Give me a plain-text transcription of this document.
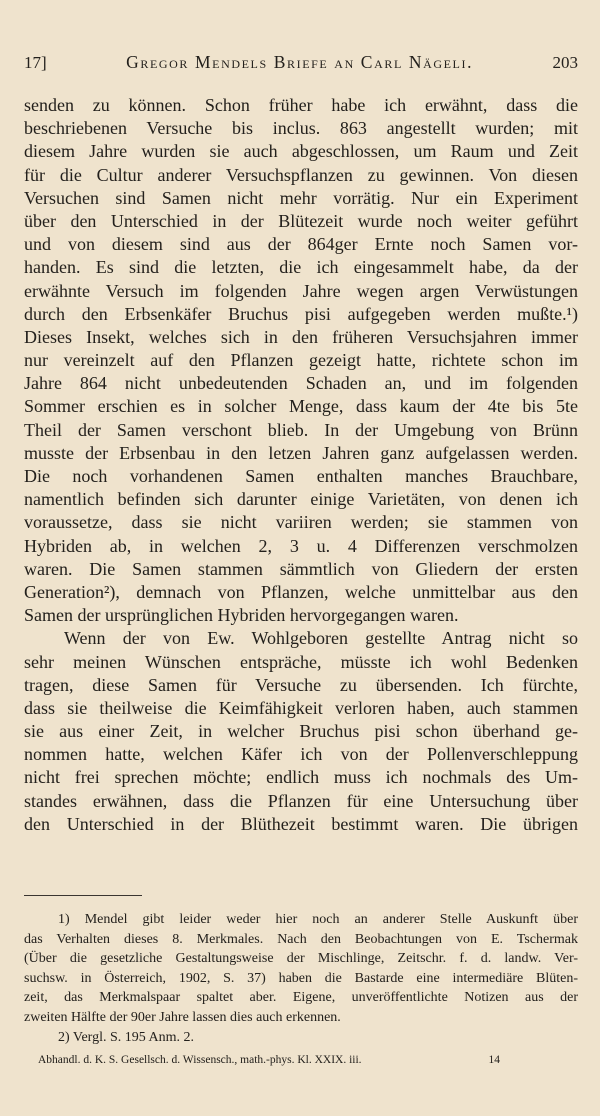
17]	Gregor Mendels Briefe an Carl Nägeli.	203
senden zu können. Schon früher habe ich erwähnt, dass die
beschriebenen Versuche bis inclus. 863 angestellt wurden; mit
diesem Jahre wurden sie auch abgeschlossen, um Raum und Zeit
für die Cultur anderer Versuchspflanzen zu gewinnen. Von diesen
Versuchen sind Samen nicht mehr vorrätig. Nur ein Experiment
über den Unterschied in der Blütezeit wurde noch weiter geführt
und von diesem sind aus der 864ger Ernte noch Samen vor-
handen. Es sind die letzten, die ich eingesammelt habe, da der
erwähnte Versuch im folgenden Jahre wegen argen Verwüstungen
durch den Erbsenkäfer Bruchus pisi aufgegeben werden mußte.¹)
Dieses Insekt, welches sich in den früheren Versuchsjahren immer
nur vereinzelt auf den Pflanzen gezeigt hatte, richtete schon im
Jahre 864 nicht unbedeutenden Schaden an, und im folgenden
Sommer erschien es in solcher Menge, dass kaum der 4te bis 5te
Theil der Samen verschont blieb. In der Umgebung von Brünn
musste der Erbsenbau in den letzen Jahren ganz aufgelassen werden.
Die noch vorhandenen Samen enthalten manches Brauchbare,
namentlich befinden sich darunter einige Varietäten, von denen ich
voraussetze, dass sie nicht variiren werden; sie stammen von
Hybriden ab, in welchen 2, 3 u. 4 Differenzen verschmolzen
waren. Die Samen stammen sämmtlich von Gliedern der ersten
Generation²), demnach von Pflanzen, welche unmittelbar aus den
Samen der ursprünglichen Hybriden hervorgegangen waren.
Wenn der von Ew. Wohlgeboren gestellte Antrag nicht so
sehr meinen Wünschen entspräche, müsste ich wohl Bedenken
tragen, diese Samen für Versuche zu übersenden. Ich fürchte,
dass sie theilweise die Keimfähigkeit verloren haben, auch stammen
sie aus einer Zeit, in welcher Bruchus pisi schon überhand ge-
nommen hatte, welchen Käfer ich von der Pollenverschleppung
nicht frei sprechen möchte; endlich muss ich nochmals des Um-
standes erwähnen, dass die Pflanzen für eine Untersuchung über
den Unterschied in der Blüthezeit bestimmt waren. Die übrigen
1) Mendel gibt leider weder hier noch an anderer Stelle Auskunft über
das Verhalten dieses 8. Merkmales. Nach den Beobachtungen von E. Tschermak
(Über die gesetzliche Gestaltungsweise der Mischlinge, Zeitschr. f. d. landw. Ver-
suchsw. in Österreich, 1902, S. 37) haben die Bastarde eine intermediäre Blüten-
zeit, das Merkmalspaar spaltet aber. Eigene, unveröffentlichte Notizen aus der
zweiten Hälfte der 90er Jahre lassen dies auch erkennen.
2) Vergl. S. 195 Anm. 2.
Abhandl. d. K. S. Gesellsch. d. Wissensch., math.-phys. Kl. XXIX. iii.	14
